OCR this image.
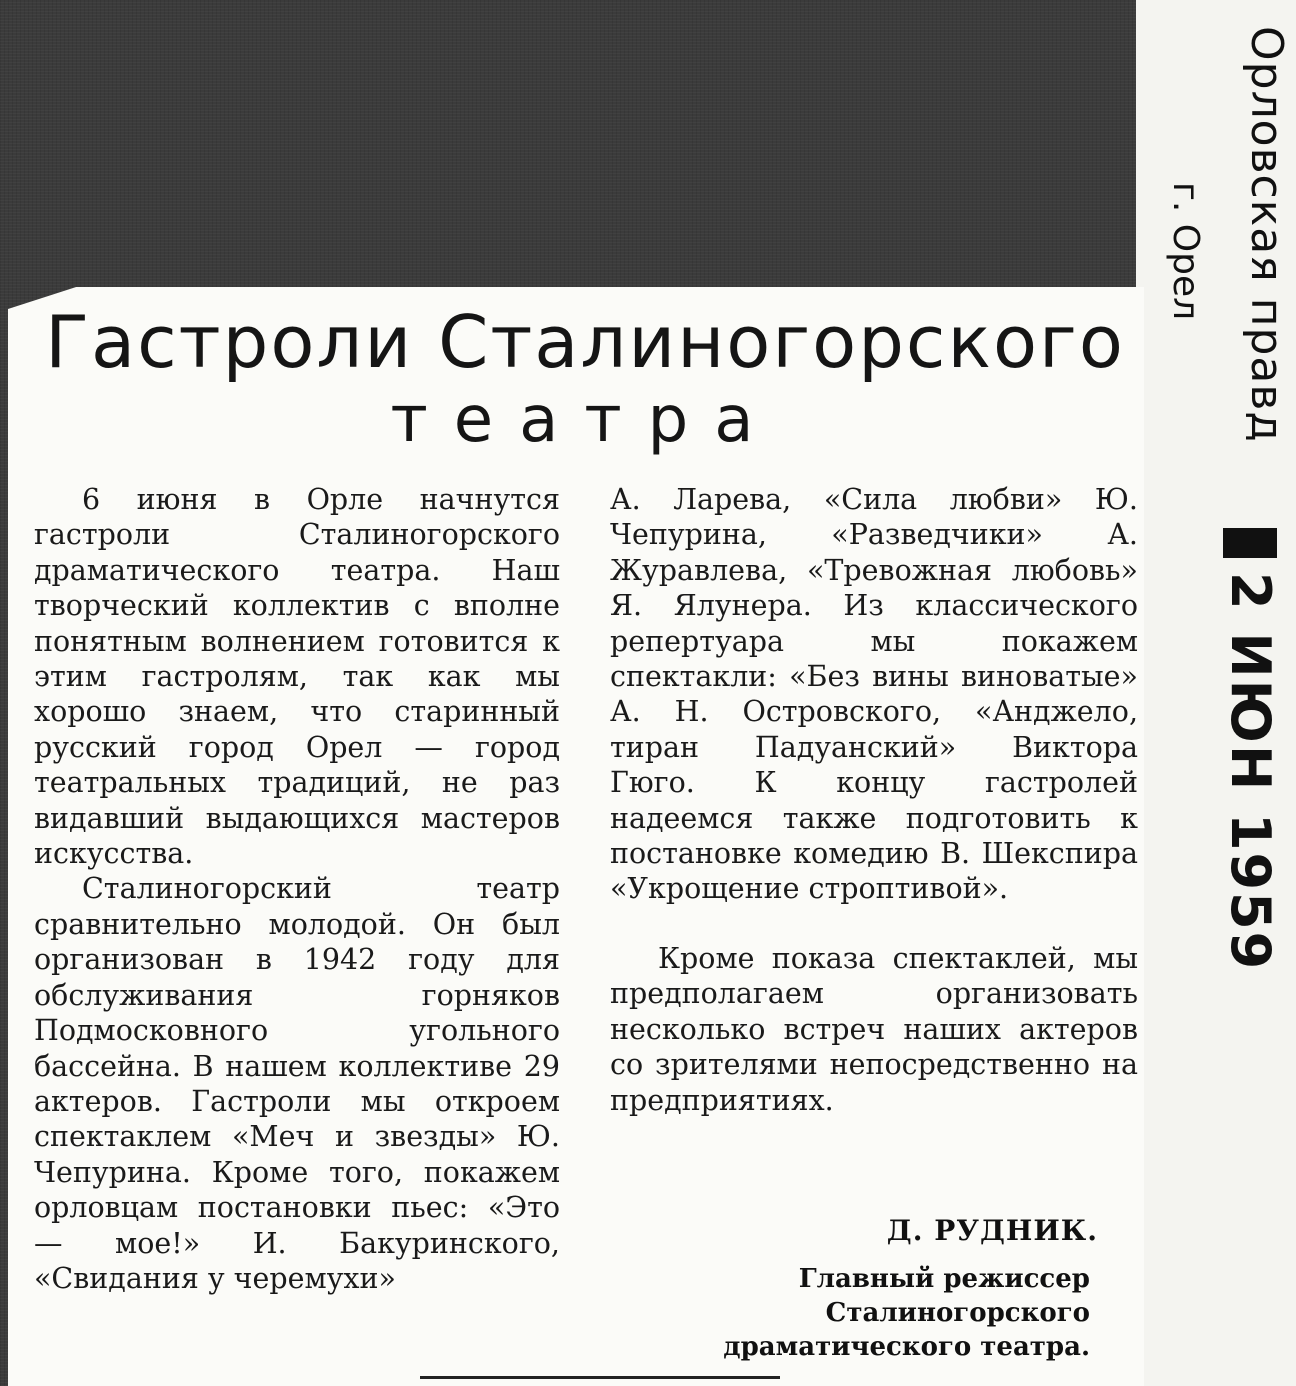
Орловская правд
2 ИЮН 1959
г. Орел
Гастроли Сталиногорского
театра

6 июня в Орле начнутся гастроли Сталиногорского драматического театра. Наш творческий коллектив с вполне понятным волнением готовится к этим гастролям, так как мы хорошо знаем, что старинный русский город Орел — город театральных традиций, не раз видавший выдающихся мастеров искусства.

Сталиногорский театр сравнительно молодой. Он был организован в 1942 году для обслуживания горняков Подмосковного угольного бассейна. В нашем коллективе 29 актеров. Гастроли мы откроем спектаклем «Меч и звезды» Ю. Чепурина. Кроме того, покажем орловцам постановки пьес: «Это — мое!» И. Бакуринского, «Свидания у черемухи»

А. Ларева, «Сила любви» Ю. Чепурина, «Разведчики» А. Журавлева, «Тревожная любовь» Я. Ялунера. Из классического репертуара мы покажем спектакли: «Без вины виноватые» А. Н. Островского, «Анджело, тиран Падуанский» Виктора Гюго. К концу гастролей надеемся также подготовить к постановке комедию В. Шекспира «Укрощение строптивой».

Кроме показа спектаклей, мы предполагаем организовать несколько встреч наших актеров со зрителями непосредственно на предприятиях.

Д. РУДНИК.
Главный режиссер Сталиногорского драматического театра.
